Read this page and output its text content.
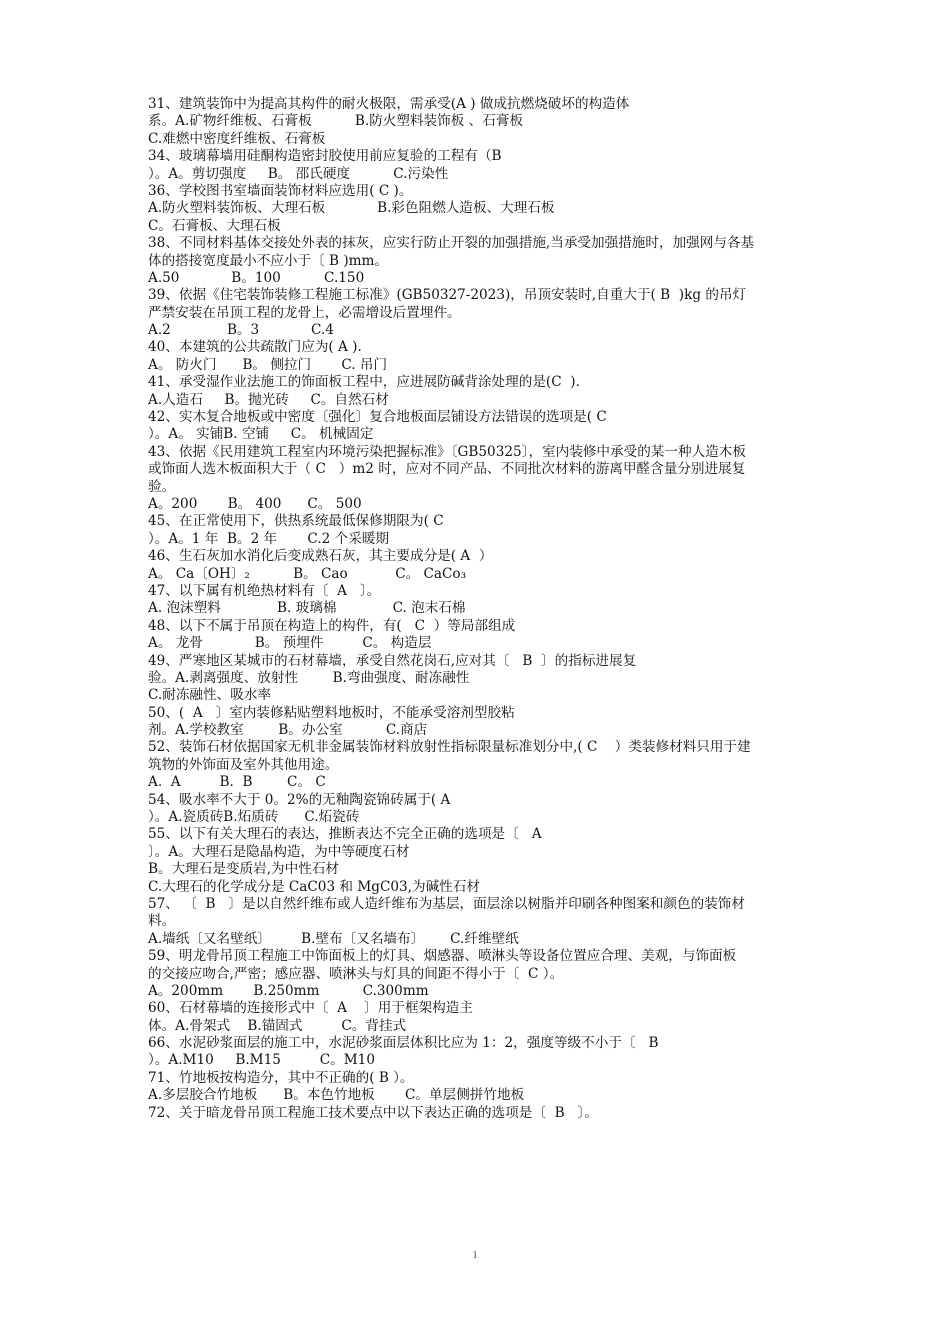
31、建筑装饰中为提高其构件的耐火极限，需承受(A ) 做成抗燃烧破坏的构造体
系。A.矿物纤维板、石膏板          B.防火塑料装饰板 、石膏板
C.难燃中密度纤维板、石膏板
34、玻璃幕墙用硅酮构造密封胶使用前应复验的工程有（B
）。A。剪切强度     B。 邵氏硬度          C.污染性
36、学校图书室墙面装饰材料应选用( C )。
A.防火塑料装饰板、大理石板            B.彩色阻燃人造板、大理石板
C。石膏板、大理石板
38、不同材料基体交接处外表的抹灰，应实行防止开裂的加强措施,当承受加强措施时，加强网与各基
体的搭接宽度最小不应小于〔 B )mm。
A.50            B。100          C.150
39、依据《住宅装饰装修工程施工标准》(GB50327-2023)，吊顶安装时,自重大于( B  )kg 的吊灯
严禁安装在吊顶工程的龙骨上，必需增设后置埋件。
A.2             B。3            C.4
40、本建筑的公共疏散门应为( A ).
A。 防火门      B。 侧拉门       C. 吊门
41、承受湿作业法施工的饰面板工程中，应进展防碱背涂处理的是(C  ).
A.人造石     B。抛光砖     C。自然石材
42、实木复合地板或中密度〔强化〕复合地板面层铺设方法错误的选项是( C
）。A。 实铺B. 空铺     C。 机械固定
43、依据《民用建筑工程室内环境污染把握标准》〔GB50325〕，室内装修中承受的某一种人造木板
或饰面人选木板面积大于（ C   ）m2 时，应对不同产品、不同批次材料的游离甲醛含量分别进展复
验。
A。200       B。 400      C。 500
45、在正常使用下，供热系统最低保修期限为( C
）。A。1 年  B。2 年       C.2 个采暖期
46、生石灰加水消化后变成熟石灰，其主要成分是( A  ）
A。 Ca〔OH〕₂          B。 Cao           C。 CaCo₃
47、以下属有机绝热材料有〔  A   〕。
A. 泡沫塑料             B. 玻璃棉             C. 泡末石棉
48、以下不属于吊顶在构造上的构件，有(   C  ）等局部组成
A。 龙骨            B。 预埋件         C。 构造层
49、严寒地区某城市的石材幕墙，承受自然花岗石,应对其〔   B  〕的指标进展复
验。A.剥离强度、放射性        B.弯曲强度、耐冻融性
C.耐冻融性、吸水率
50、(  A   〕室内装修粘贴塑料地板时，不能承受溶剂型胶粘
剂。A.学校教室        B。办公室          C.商店
52、装饰石材依据国家无机非金属装饰材料放射性指标限量标准划分中,( C    ）类装修材料只用于建
筑物的外饰面及室外其他用途。
A.  A         B.  B        C。 C
54、吸水率不大于 0。2%的无釉陶瓷锦砖属于( A
）。A.瓷质砖B.炻质砖      C.炻瓷砖
55、以下有关大理石的表达，推断表达不完全正确的选项是〔   A
〕。A。大理石是隐晶构造，为中等硬度石材
B。大理石是变质岩,为中性石材
C.大理石的化学成分是 CaC03 和 MgC03,为碱性石材
57、 〔  B   〕是以自然纤维布或人造纤维布为基层，面层涂以树脂并印刷各种图案和颜色的装饰材
料。
A.墙纸〔又名壁纸〕       B.壁布〔又名墙布〕      C.纤维壁纸
59、明龙骨吊顶工程施工中饰面板上的灯具、烟感器、喷淋头等设备位置应合理、美观，与饰面板
的交接应吻合,严密；感应器、喷淋头与灯具的间距不得小于〔  C ）。
A。200mm       B.250mm          C.300mm
60、石材幕墙的连接形式中〔  A    〕用于框架构造主
体。A.骨架式    B.锚固式         C。背挂式
66、水泥砂浆面层的施工中，水泥砂浆面层体积比应为 1：2，强度等级不小于〔   B
）。A.M10     B.M15         C。M10
71、竹地板按构造分，其中不正确的( B ）。
A.多层胶合竹地板      B。本色竹地板       C。单层侧拼竹地板
72、关于暗龙骨吊顶工程施工技术要点中以下表达正确的选项是〔  B   〕。
1
